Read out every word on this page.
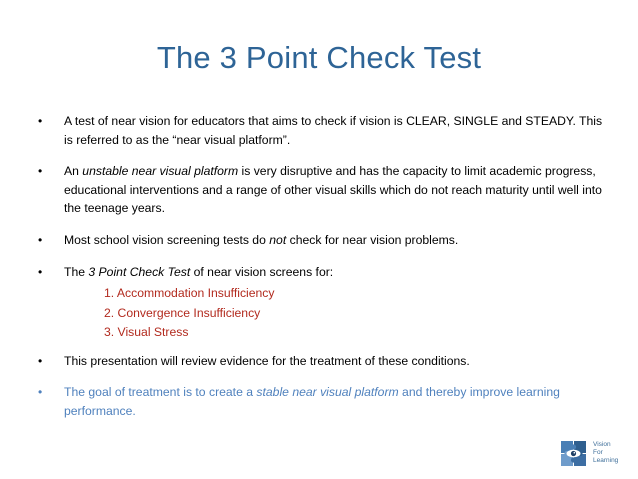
The 3 Point Check Test
• A test of near vision for educators that aims to check if vision is CLEAR, SINGLE and STEADY. This is referred to as the “near visual platform”.
• An unstable near visual platform is very disruptive and has the capacity to limit academic progress, educational interventions and a range of other visual skills which do not reach maturity until well into the teenage years.
• Most school vision screening tests do not check for near vision problems.
• The 3 Point Check Test of near vision screens for:
1. Accommodation Insufficiency
2. Convergence Insufficiency
3. Visual Stress
• This presentation will review evidence for the treatment of these conditions.
• The goal of treatment is to create a stable near visual platform and thereby improve learning performance.
Vision
For
Learning
